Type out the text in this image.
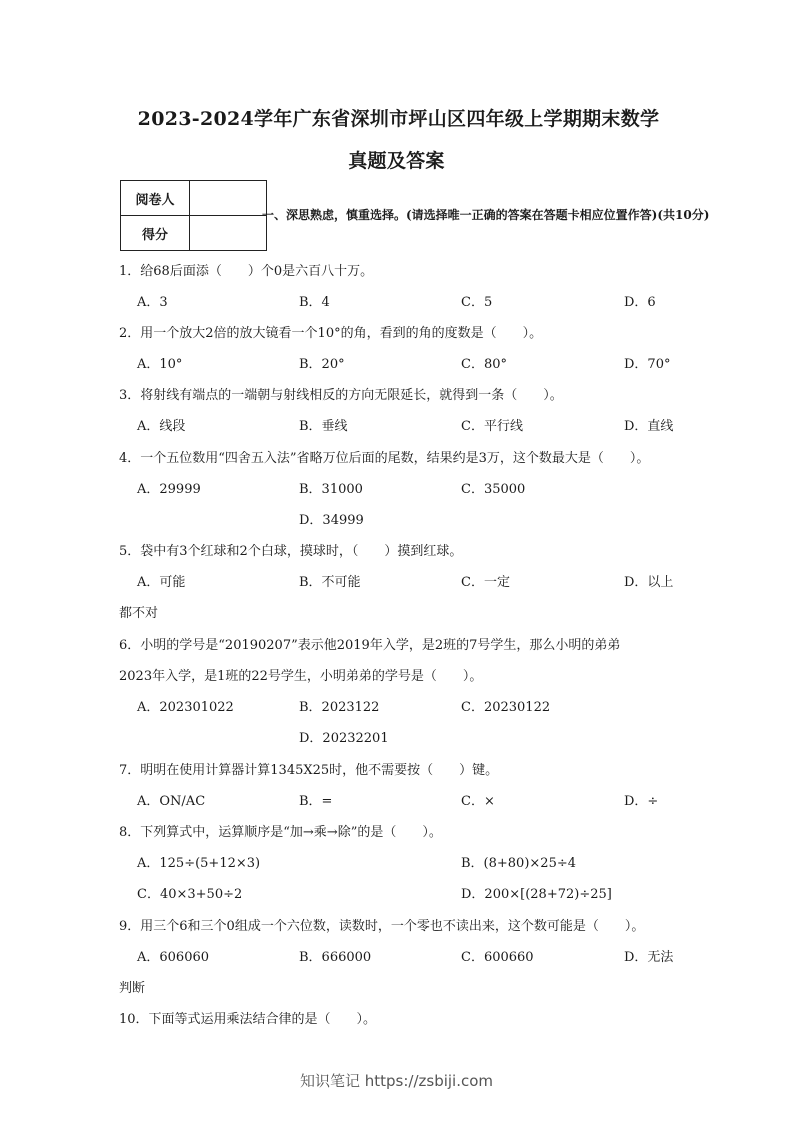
2023-2024学年广东省深圳市坪山区四年级上学期期末数学
真题及答案
阅卷人	
得分	
一、深思熟虑，慎重选择。(请选择唯一正确的答案在答题卡相应位置作答)(共10分)
1．给68后面添（　　）个0是六百八十万。
A．3	B．4	C．5	D．6
2．用一个放大2倍的放大镜看一个10°的角，看到的角的度数是（　　）。
A．10°	B．20°	C．80°	D．70°
3．将射线有端点的一端朝与射线相反的方向无限延长，就得到一条（　　）。
A．线段	B．垂线	C．平行线	D．直线
4．一个五位数用“四舍五入法”省略万位后面的尾数，结果约是3万，这个数最大是（　　）。
A．29999	B．31000	C．35000
D．34999
5．袋中有3个红球和2个白球，摸球时，（　　）摸到红球。
A．可能	B．不可能	C．一定	D．以上
都不对
6．小明的学号是“20190207”表示他2019年入学，是2班的7号学生，那么小明的弟弟
2023年入学，是1班的22号学生，小明弟弟的学号是（　　）。
A．202301022	B．2023122	C．20230122
D．20232201
7．明明在使用计算器计算1345X25时，他不需要按（　　）键。
A．ON/AC	B．=	C．×	D．÷
8．下列算式中，运算顺序是“加→乘→除”的是（　　）。
A．125÷(5+12×3)	B．(8+80)×25÷4
C．40×3+50÷2	D．200×[(28+72)÷25]
9．用三个6和三个0组成一个六位数，读数时，一个零也不读出来，这个数可能是（　　）。
A．606060	B．666000	C．600660	D．无法
判断
10．下面等式运用乘法结合律的是（　　）。
知识笔记 https://zsbiji.com
